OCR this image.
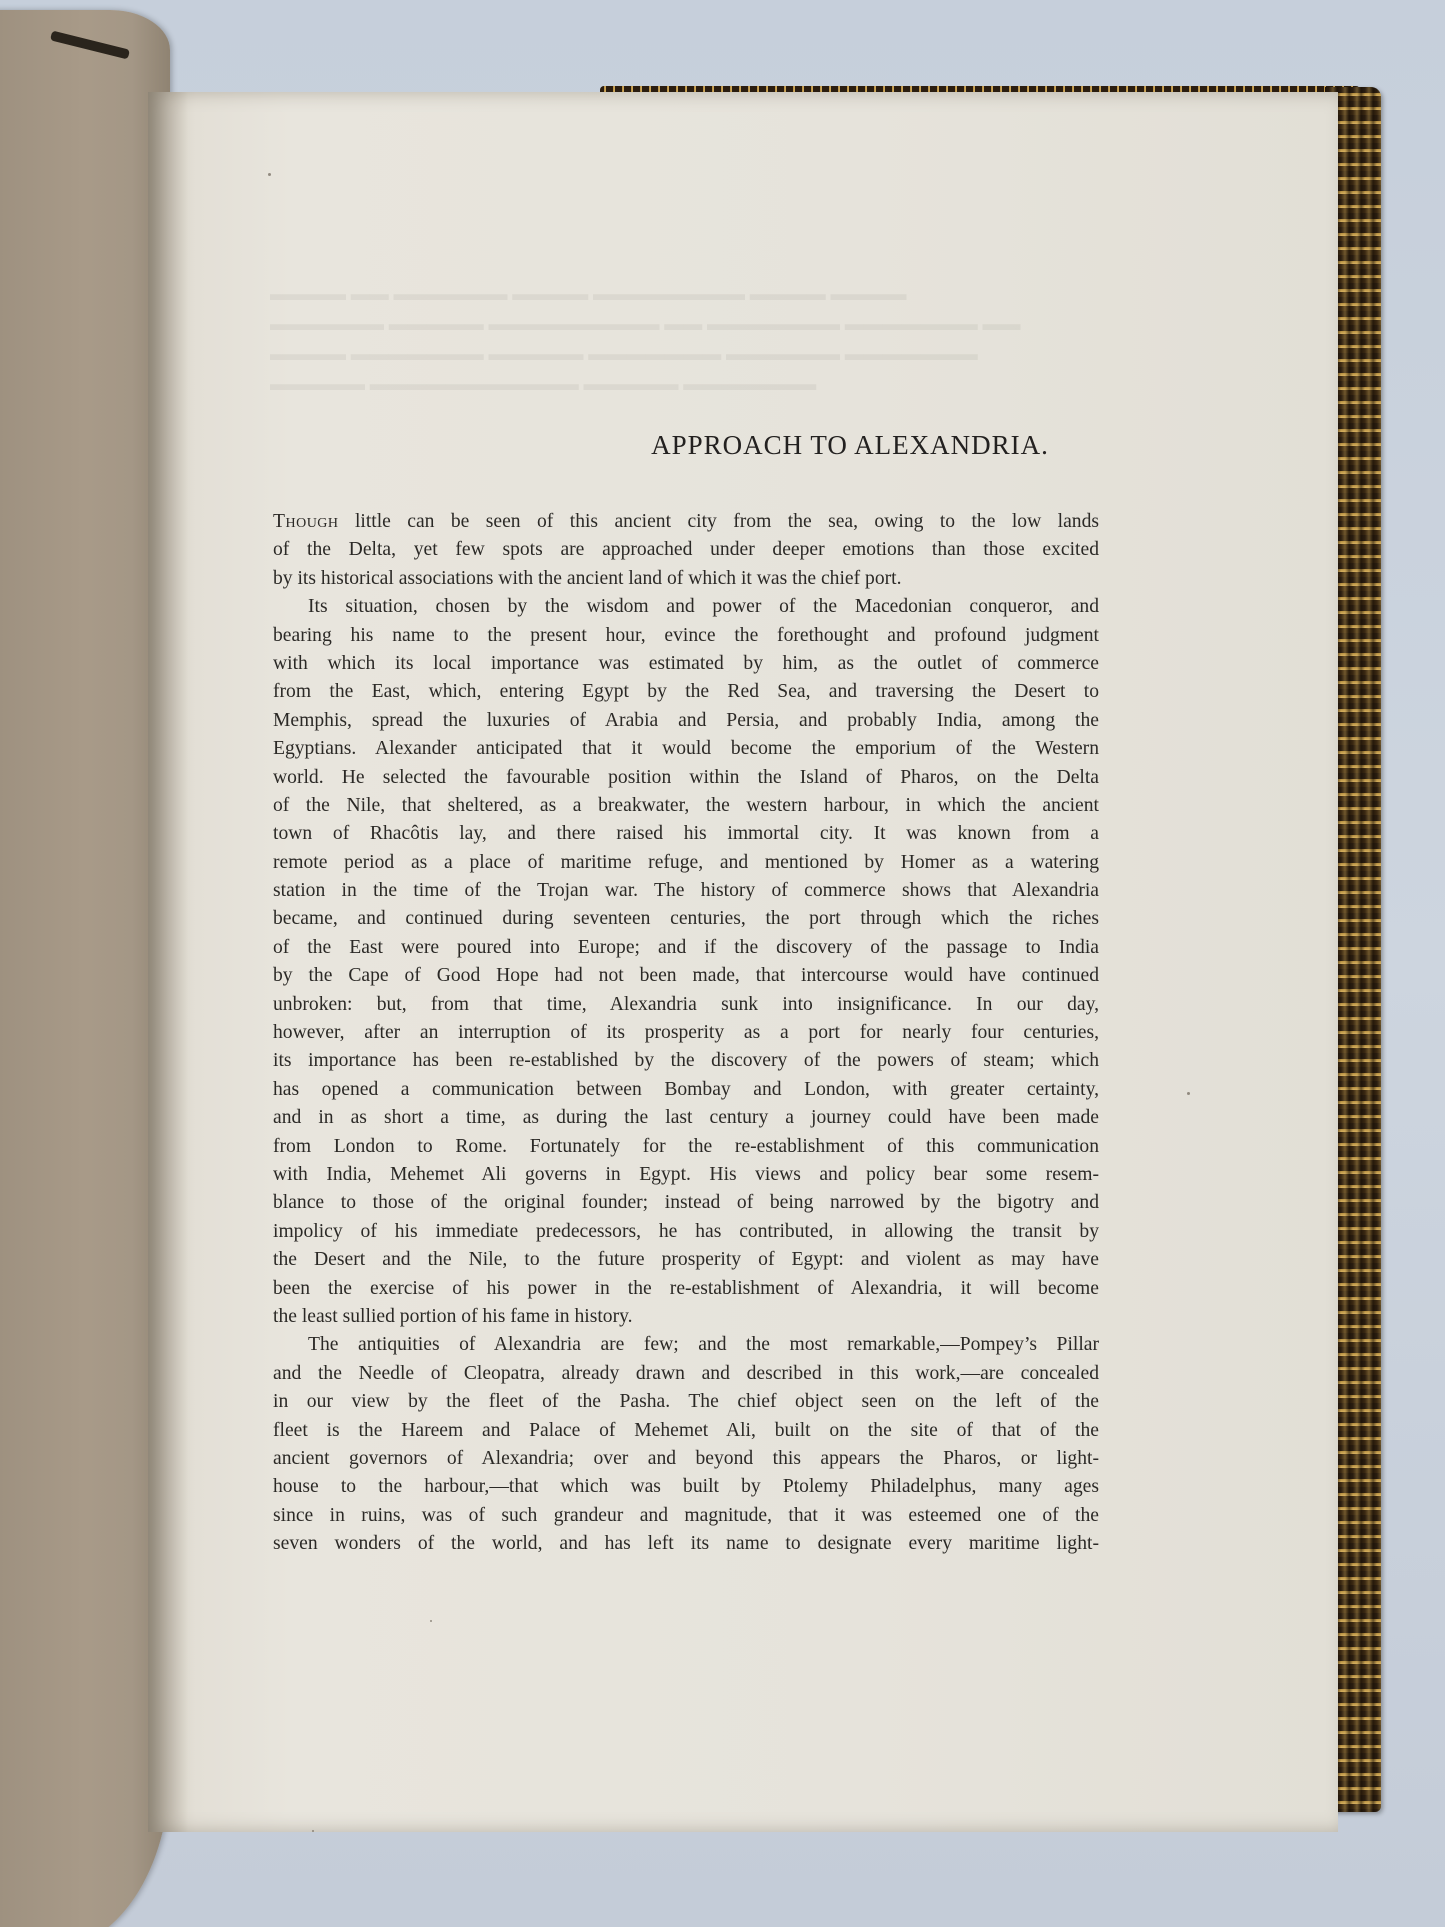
▬▬▬▬ ▬▬ ▬▬▬▬▬▬ ▬▬▬▬ ▬▬▬▬▬▬▬▬ ▬▬▬▬ ▬▬▬▬
▬▬▬▬▬▬ ▬▬▬▬▬ ▬▬▬▬▬▬▬▬▬ ▬▬ ▬▬▬▬▬▬▬ ▬▬▬▬▬▬▬ ▬▬
▬▬▬▬ ▬▬▬▬▬▬▬ ▬▬▬▬▬ ▬▬▬▬▬▬▬ ▬▬▬▬▬▬ ▬▬▬▬▬▬▬
▬▬▬▬▬ ▬▬▬▬▬▬▬▬▬▬▬ ▬▬▬▬▬ ▬▬▬▬▬▬▬
APPROACH TO ALEXANDRIA.
Though little can be seen of this ancient city from the sea, owing to the low lands
of the Delta, yet few spots are approached under deeper emotions than those excited
by its historical associations with the ancient land of which it was the chief port.
Its situation, chosen by the wisdom and power of the Macedonian conqueror, and
bearing his name to the present hour, evince the forethought and profound judgment
with which its local importance was estimated by him, as the outlet of commerce
from the East, which, entering Egypt by the Red Sea, and traversing the Desert to
Memphis, spread the luxuries of Arabia and Persia, and probably India, among the
Egyptians. Alexander anticipated that it would become the emporium of the Western
world. He selected the favourable position within the Island of Pharos, on the Delta
of the Nile, that sheltered, as a breakwater, the western harbour, in which the ancient
town of Rhacôtis lay, and there raised his immortal city. It was known from a
remote period as a place of maritime refuge, and mentioned by Homer as a watering
station in the time of the Trojan war. The history of commerce shows that Alexandria
became, and continued during seventeen centuries, the port through which the riches
of the East were poured into Europe; and if the discovery of the passage to India
by the Cape of Good Hope had not been made, that intercourse would have continued
unbroken: but, from that time, Alexandria sunk into insignificance. In our day,
however, after an interruption of its prosperity as a port for nearly four centuries,
its importance has been re-established by the discovery of the powers of steam; which
has opened a communication between Bombay and London, with greater certainty,
and in as short a time, as during the last century a journey could have been made
from London to Rome. Fortunately for the re-establishment of this communication
with India, Mehemet Ali governs in Egypt. His views and policy bear some resem-
blance to those of the original founder; instead of being narrowed by the bigotry and
impolicy of his immediate predecessors, he has contributed, in allowing the transit by
the Desert and the Nile, to the future prosperity of Egypt: and violent as may have
been the exercise of his power in the re-establishment of Alexandria, it will become
the least sullied portion of his fame in history.
The antiquities of Alexandria are few; and the most remarkable,—Pompey’s Pillar
and the Needle of Cleopatra, already drawn and described in this work,—are concealed
in our view by the fleet of the Pasha. The chief object seen on the left of the
fleet is the Hareem and Palace of Mehemet Ali, built on the site of that of the
ancient governors of Alexandria; over and beyond this appears the Pharos, or light-
house to the harbour,—that which was built by Ptolemy Philadelphus, many ages
since in ruins, was of such grandeur and magnitude, that it was esteemed one of the
seven wonders of the world, and has left its name to designate every maritime light-
